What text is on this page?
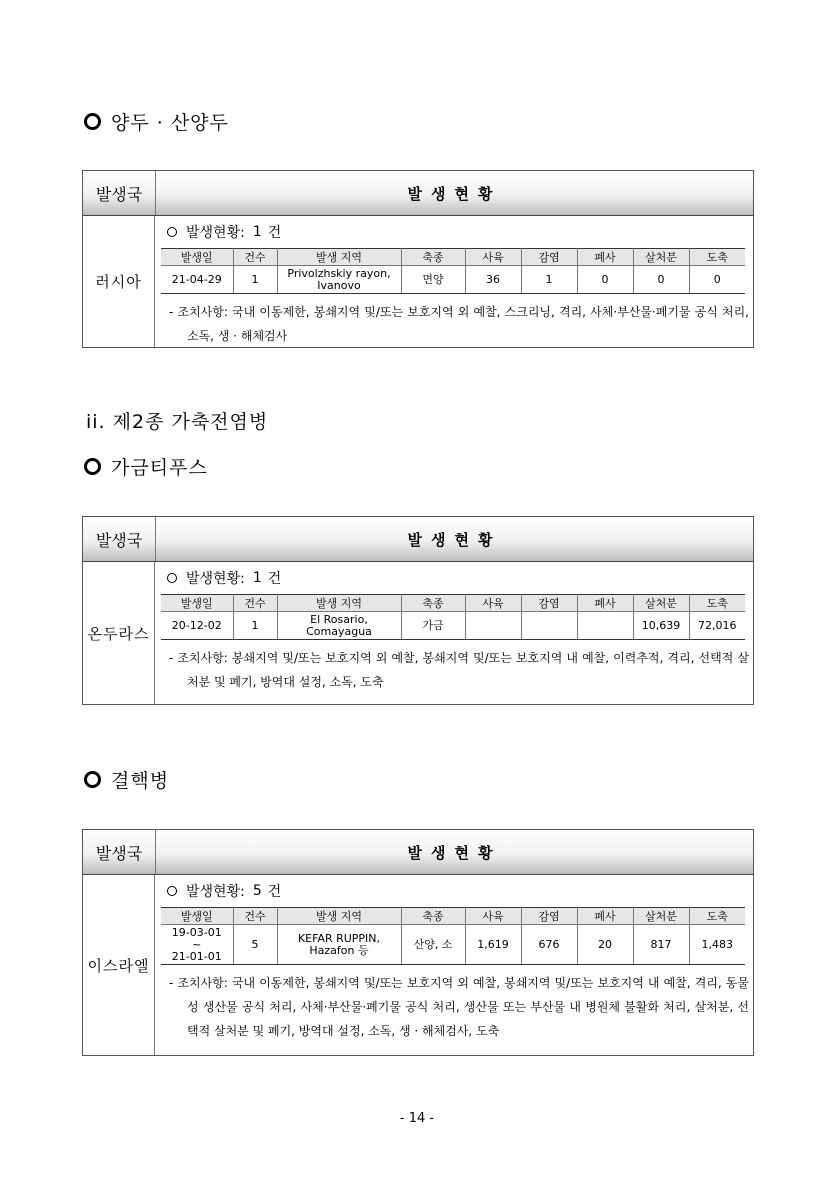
양두 · 산양두
발생국	발생현황
러시아
발생현황: 1 건
발생일	건수	발생 지역	축종	사육	감염	폐사	살처분	도축
21-04-29	1	Privolzhskiy rayon, Ivanovo	면양	36	1	0	0	0
- 조치사항: 국내 이동제한, 봉쇄지역 및/또는 보호지역 외 예찰, 스크리닝, 격리, 사체·부산물·폐기물 공식 처리, 소독, 생 · 해체검사
ii. 제2종 가축전염병
가금티푸스
발생국	발생현황
온두라스
발생현황: 1 건
발생일	건수	발생 지역	축종	사육	감염	폐사	살처분	도축
20-12-02	1	El Rosario, Comayagua	가금				10,639	72,016
- 조치사항: 봉쇄지역 및/또는 보호지역 외 예찰, 봉쇄지역 및/또는 보호지역 내 예찰, 이력추적, 격리, 선택적 살처분 및 폐기, 방역대 설정, 소독, 도축
결핵병
발생국	발생현황
이스라엘
발생현황: 5 건
발생일	건수	발생 지역	축종	사육	감염	폐사	살처분	도축

19-03-01
~
21-01-01	5	KEFAR RUPPIN, Hazafon 등	산양, 소	1,619	676	20	817	1,483
- 조치사항: 국내 이동제한, 봉쇄지역 및/또는 보호지역 외 예찰, 봉쇄지역 및/또는 보호지역 내 예찰, 격리, 동물성 생산물 공식 처리, 사체·부산물·폐기물 공식 처리, 생산물 또는 부산물 내 병원체 불활화 처리, 살처분, 선택적 살처분 및 폐기, 방역대 설정, 소독, 생 · 해체검사, 도축
- 14 -
